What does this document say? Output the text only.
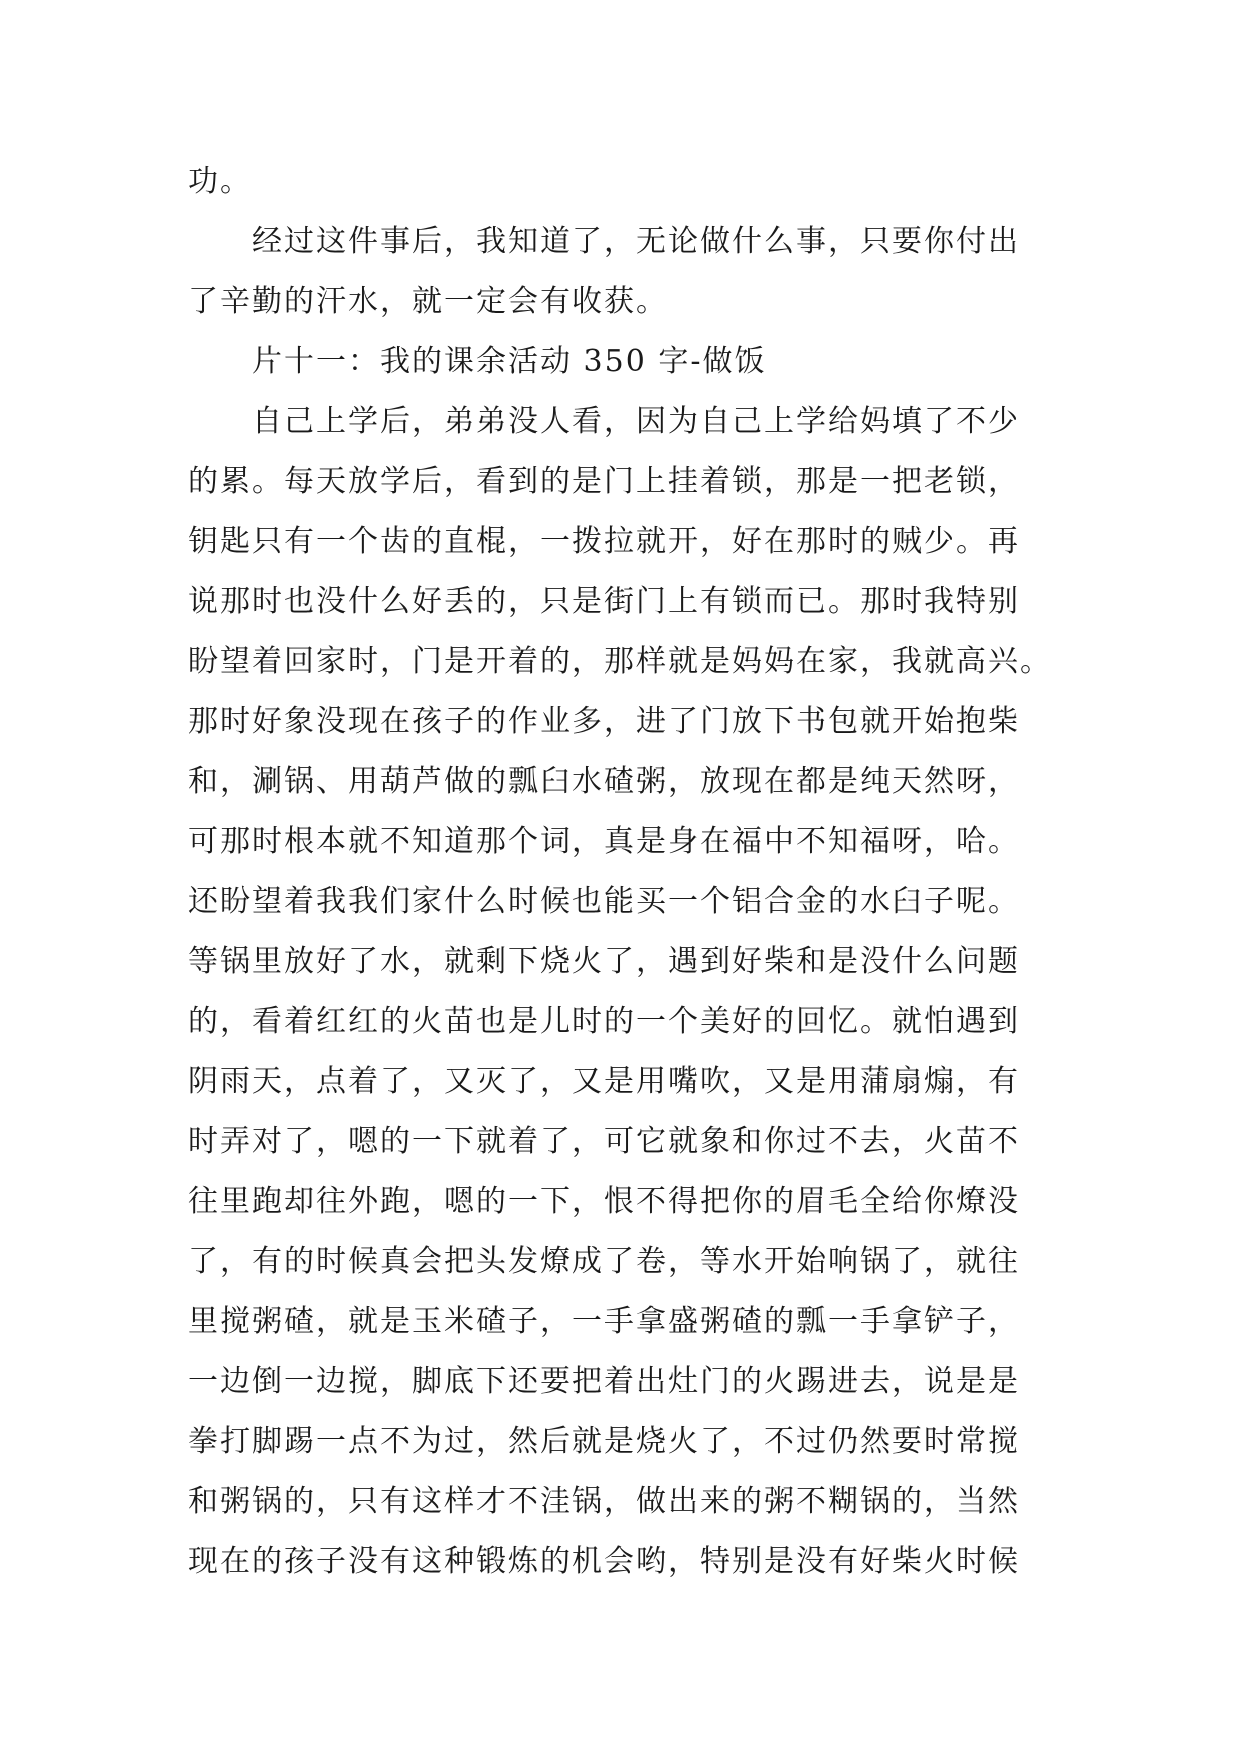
功。
经过这件事后，我知道了，无论做什么事，只要你付出
了辛勤的汗水，就一定会有收获。
片十一：我的课余活动 350 字-做饭
自己上学后，弟弟没人看，因为自己上学给妈填了不少
的累。每天放学后，看到的是门上挂着锁，那是一把老锁，
钥匙只有一个齿的直棍，一拨拉就开，好在那时的贼少。再
说那时也没什么好丢的，只是街门上有锁而已。那时我特别
盼望着回家时，门是开着的，那样就是妈妈在家，我就高兴。
那时好象没现在孩子的作业多，进了门放下书包就开始抱柴
和，涮锅、用葫芦做的瓢臼水碴粥，放现在都是纯天然呀，
可那时根本就不知道那个词，真是身在福中不知福呀，哈。
还盼望着我我们家什么时候也能买一个铝合金的水臼子呢。
等锅里放好了水，就剩下烧火了，遇到好柴和是没什么问题
的，看着红红的火苗也是儿时的一个美好的回忆。就怕遇到
阴雨天，点着了，又灭了，又是用嘴吹，又是用蒲扇煽，有
时弄对了，嗯的一下就着了，可它就象和你过不去，火苗不
往里跑却往外跑，嗯的一下，恨不得把你的眉毛全给你燎没
了，有的时候真会把头发燎成了卷，等水开始响锅了，就往
里搅粥碴，就是玉米碴子，一手拿盛粥碴的瓢一手拿铲子，
一边倒一边搅，脚底下还要把着出灶门的火踢进去，说是是
拳打脚踢一点不为过，然后就是烧火了，不过仍然要时常搅
和粥锅的，只有这样才不洼锅，做出来的粥不糊锅的，当然
现在的孩子没有这种锻炼的机会哟，特别是没有好柴火时候
